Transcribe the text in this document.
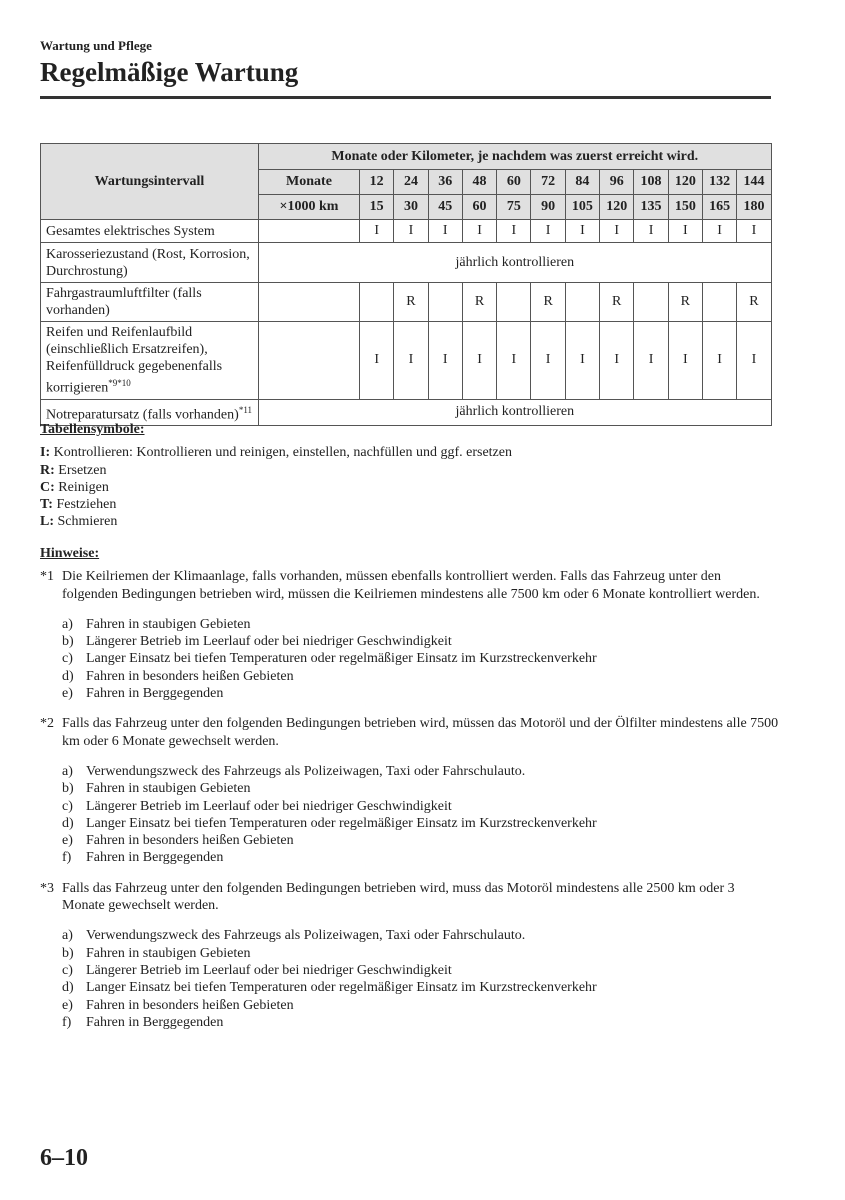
Wartung und Pflege
Regelmäßige Wartung
Wartungsintervall	Monate oder Kilometer, je nachdem was zuerst erreicht wird.												
	Monate	12	24	36	48	60	72	84	96	108	120	132	144
	×1000 km	15	30	45	60	75	90	105	120	135	150	165	180
Gesamtes elektrisches System		I	I	I	I	I	I	I	I	I	I	I	I
Karosseriezustand (Rost, Korrosion, Durchrostung)	jährlich kontrollieren												
Fahrgastraumluftfilter (falls vorhanden)			R		R		R		R		R		R
Reifen und Reifenlaufbild (einschließlich Ersatzreifen), Reifenfülldruck gegebenenfalls korrigieren$^{*9*10}$		I	I	I	I	I	I	I	I	I	I	I	I
Notreparatursatz (falls vorhanden)$^{*11}$	jährlich kontrollieren												
Tabellensymbole:
I: Kontrollieren: Kontrollieren und reinigen, einstellen, nachfüllen und ggf. ersetzen
R: Ersetzen
C: Reinigen
T: Festziehen
L: Schmieren
Hinweise:
*1 Die Keilriemen der Klimaanlage, falls vorhanden, müssen ebenfalls kontrolliert werden. Falls das Fahrzeug unter den folgenden Bedingungen betrieben wird, müssen die Keilriemen mindestens alle 7500 km oder 6 Monate kontrolliert werden.
a) Fahren in staubigen Gebieten
b) Längerer Betrieb im Leerlauf oder bei niedriger Geschwindigkeit
c) Langer Einsatz bei tiefen Temperaturen oder regelmäßiger Einsatz im Kurzstreckenverkehr
d) Fahren in besonders heißen Gebieten
e) Fahren in Berggegenden
*2 Falls das Fahrzeug unter den folgenden Bedingungen betrieben wird, müssen das Motoröl und der Ölfilter mindestens alle 7500 km oder 6 Monate gewechselt werden.
a) Verwendungszweck des Fahrzeugs als Polizeiwagen, Taxi oder Fahrschulauto.
b) Fahren in staubigen Gebieten
c) Längerer Betrieb im Leerlauf oder bei niedriger Geschwindigkeit
d) Langer Einsatz bei tiefen Temperaturen oder regelmäßiger Einsatz im Kurzstreckenverkehr
e) Fahren in besonders heißen Gebieten
f)	Fahren in Berggegenden
*3 Falls das Fahrzeug unter den folgenden Bedingungen betrieben wird, muss das Motoröl mindestens alle 2500 km oder 3 Monate gewechselt werden.
a) Verwendungszweck des Fahrzeugs als Polizeiwagen, Taxi oder Fahrschulauto.
b) Fahren in staubigen Gebieten
c) Längerer Betrieb im Leerlauf oder bei niedriger Geschwindigkeit
d) Langer Einsatz bei tiefen Temperaturen oder regelmäßiger Einsatz im Kurzstreckenverkehr
e) Fahren in besonders heißen Gebieten
f)	Fahren in Berggegenden
6–10
